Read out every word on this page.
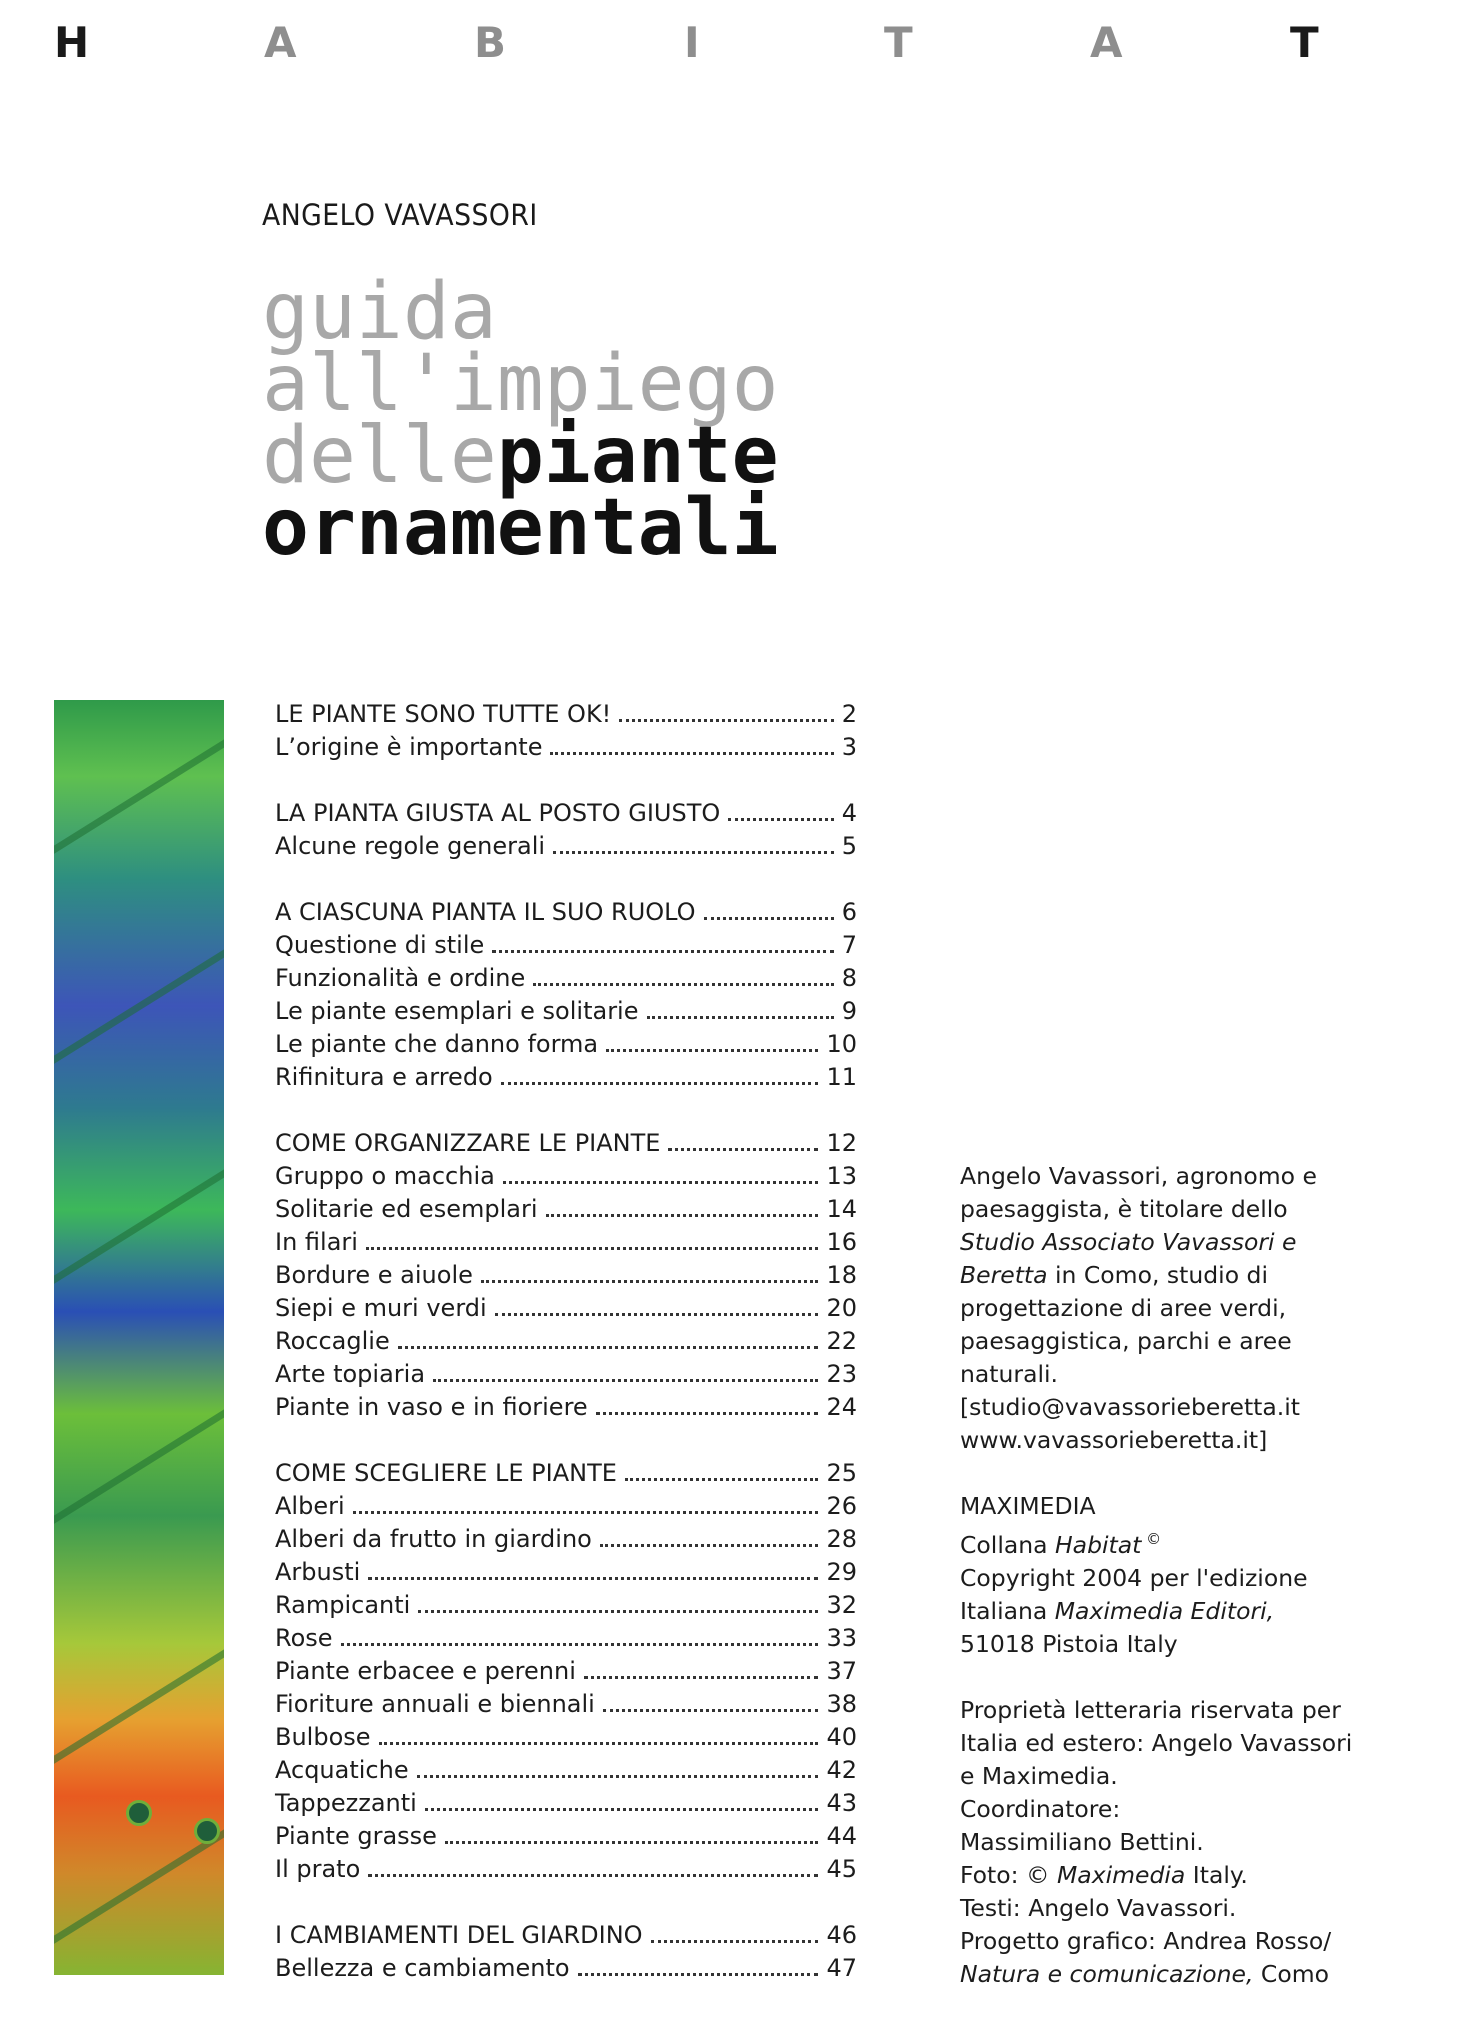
H	A	B	I	T	A	T
ANGELO VAVASSORI
guida
all'impiego
dellepiante
ornamentali
LE PIANTE SONO TUTTE OK!	2
L’origine è importante	3
LA PIANTA GIUSTA AL POSTO GIUSTO	4
Alcune regole generali	5
A CIASCUNA PIANTA IL SUO RUOLO	6
Questione di stile	7
Funzionalità e ordine	8
Le piante esemplari e solitarie	9
Le piante che danno forma	10
Rifinitura e arredo	11
COME ORGANIZZARE LE PIANTE	12
Gruppo o macchia	13
Solitarie ed esemplari	14
In filari	16
Bordure e aiuole	18
Siepi e muri verdi	20
Roccaglie	22
Arte topiaria	23
Piante in vaso e in fioriere	24
COME SCEGLIERE LE PIANTE	25
Alberi	26
Alberi da frutto in giardino	28
Arbusti	29
Rampicanti	32
Rose	33
Piante erbacee e perenni	37
Fioriture annuali e biennali	38
Bulbose	40
Acquatiche	42
Tappezzanti	43
Piante grasse	44
Il prato	45
I CAMBIAMENTI DEL GIARDINO	46
Bellezza e cambiamento	47

Angelo Vavassori, agronomo e
paesaggista, è titolare dello
Studio Associato Vavassori e
Beretta in Como, studio di
progettazione di aree verdi,
paesaggistica, parchi e aree
naturali.
[studio@vavassorieberetta.it
www.vavassorieberetta.it]

MAXIMEDIA
Collana Habitat ©
Copyright 2004 per l'edizione
Italiana Maximedia Editori,
51018 Pistoia Italy

Proprietà letteraria riservata per
Italia ed estero: Angelo Vavassori
e Maximedia.
Coordinatore:
Massimiliano Bettini.
Foto: © Maximedia Italy.
Testi: Angelo Vavassori.
Progetto grafico: Andrea Rosso/
Natura e comunicazione, Como
